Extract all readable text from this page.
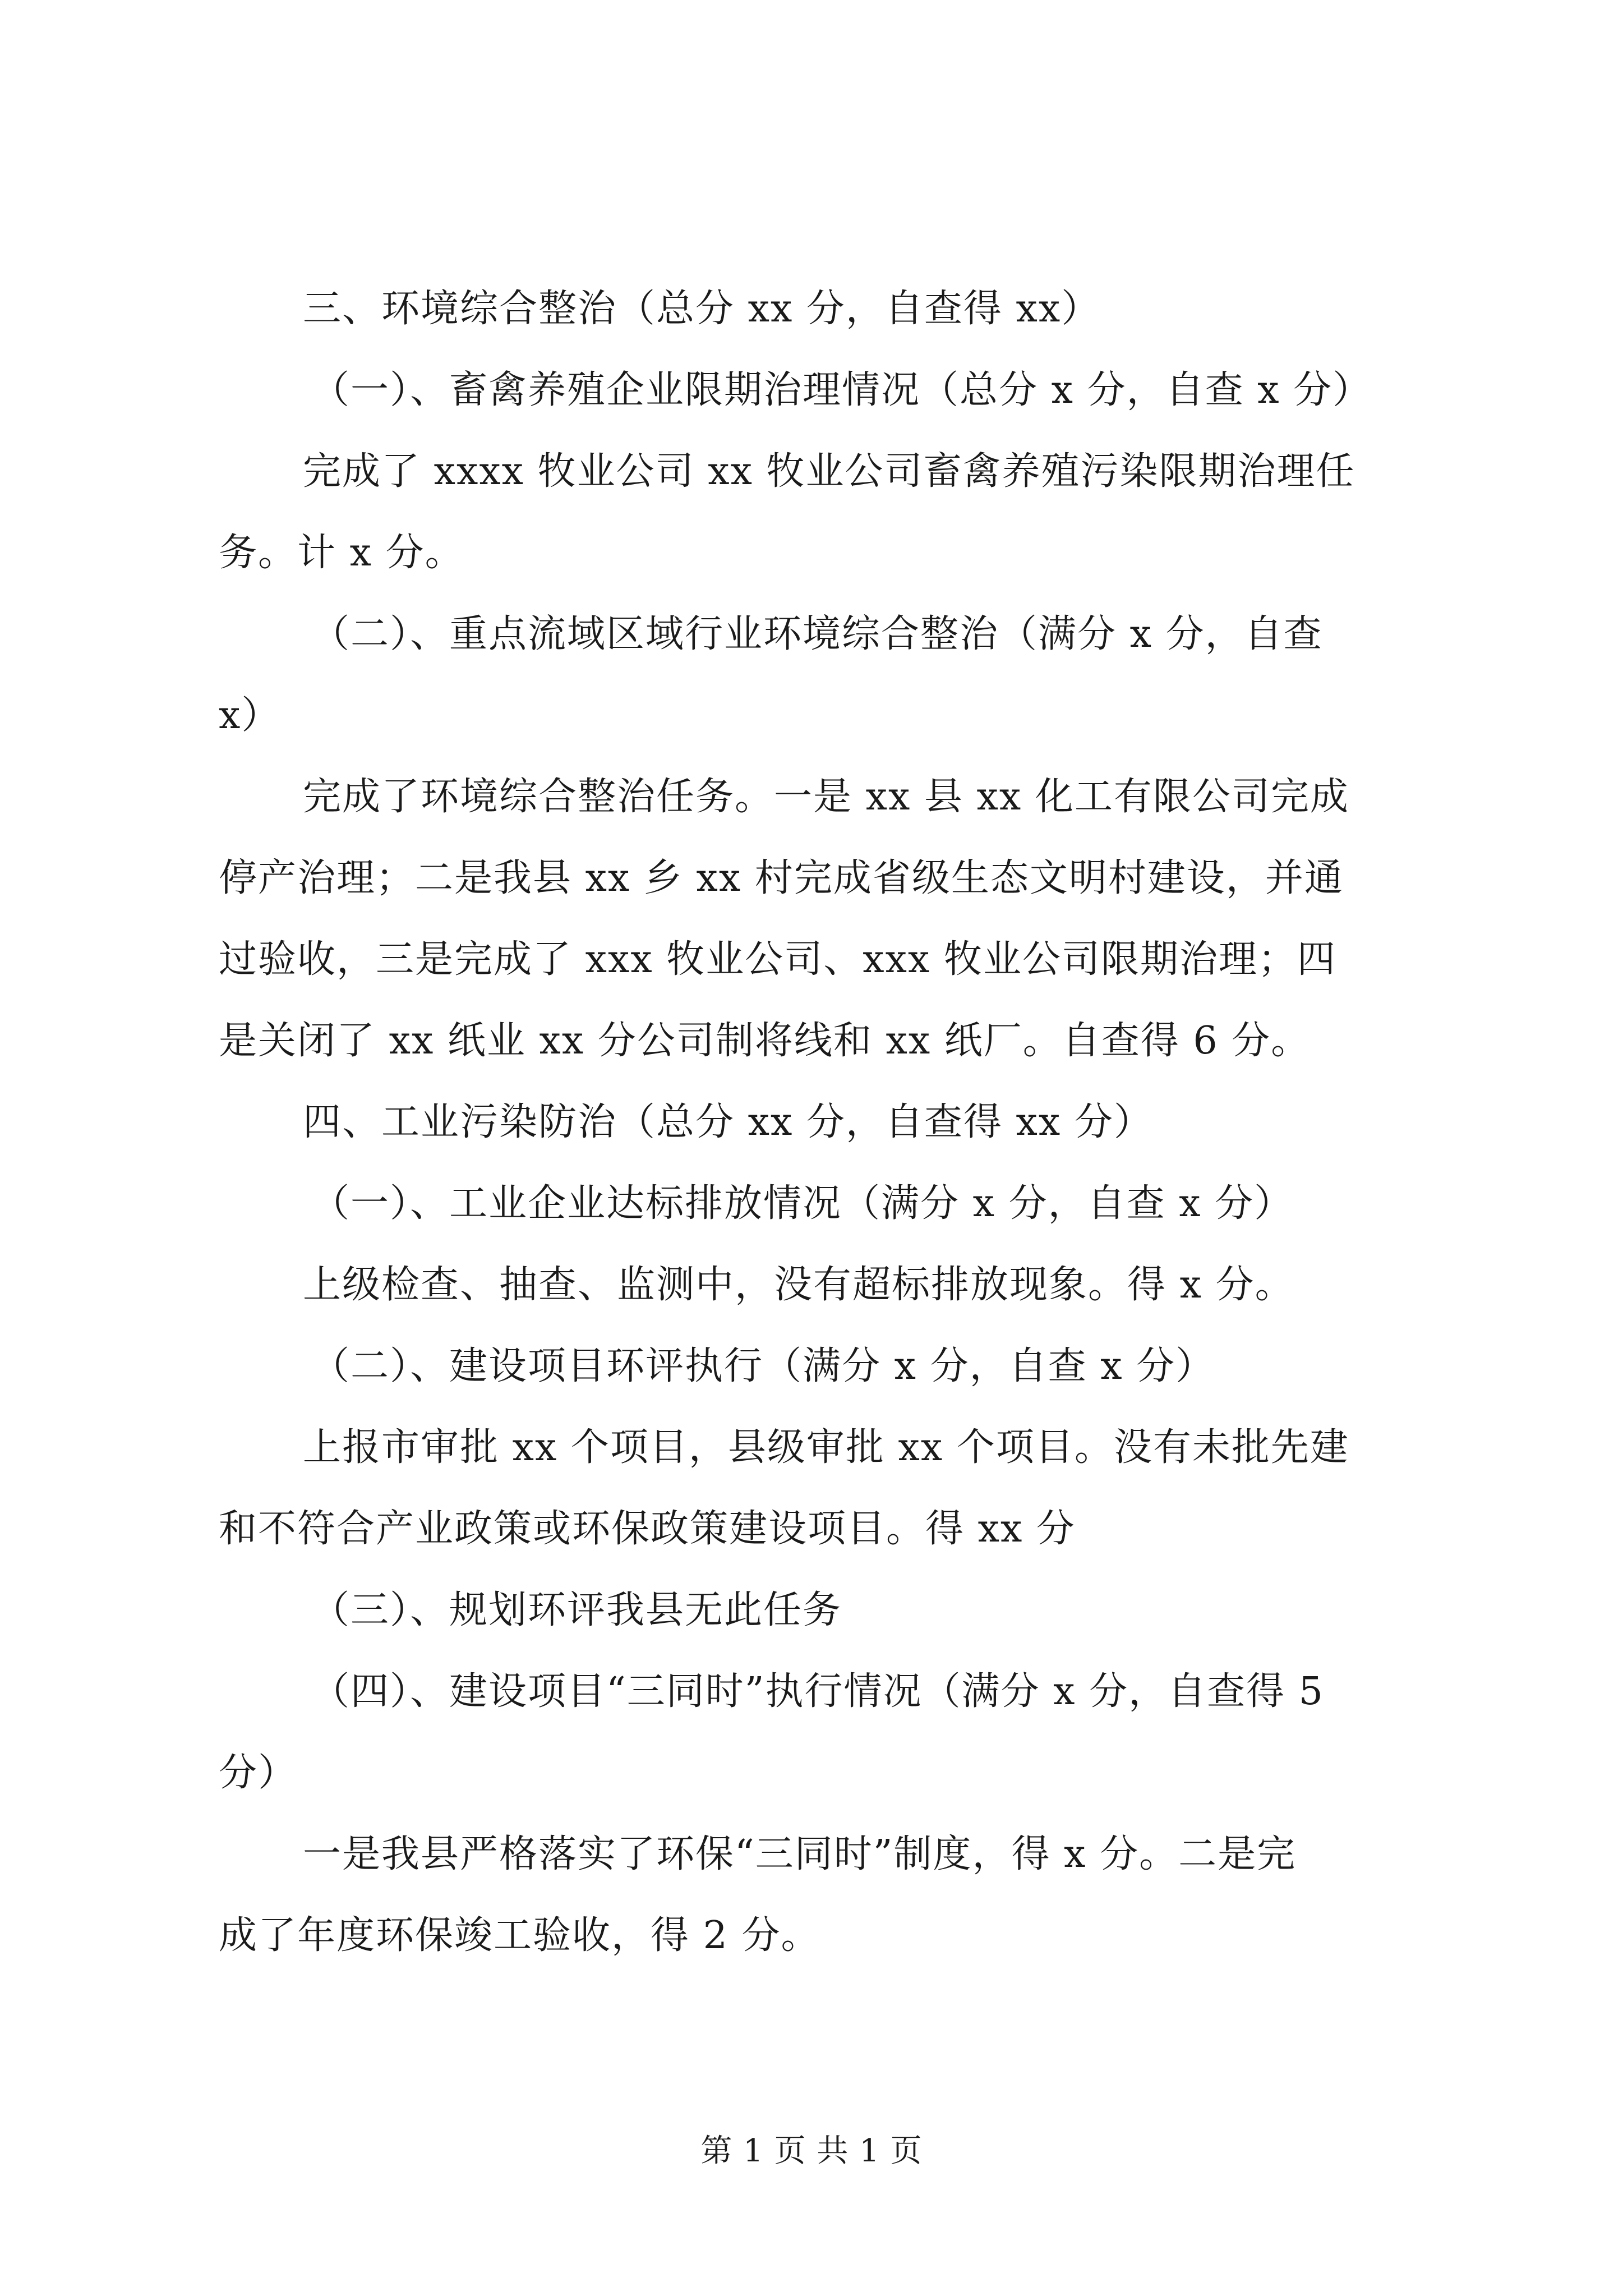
三、环境综合整治（总分 xx 分，自查得 xx）
（一）、畜禽养殖企业限期治理情况（总分 x 分，自查 x 分）
完成了 xxxx 牧业公司 xx 牧业公司畜禽养殖污染限期治理任
务。计 x 分。
（二）、重点流域区域行业环境综合整治（满分 x 分，自查
x）
完成了环境综合整治任务。一是 xx 县 xx 化工有限公司完成
停产治理；二是我县 xx 乡 xx 村完成省级生态文明村建设，并通
过验收，三是完成了 xxx 牧业公司、xxx 牧业公司限期治理；四
是关闭了 xx 纸业 xx 分公司制将线和 xx 纸厂。自查得 6 分。
四、工业污染防治（总分 xx 分，自查得 xx 分）
（一）、工业企业达标排放情况（满分 x 分，自查 x 分）
上级检查、抽查、监测中，没有超标排放现象。得 x 分。
（二）、建设项目环评执行（满分 x 分，自查 x 分）
上报市审批 xx 个项目，县级审批 xx 个项目。没有未批先建
和不符合产业政策或环保政策建设项目。得 xx 分
（三）、规划环评我县无此任务
（四）、建设项目“三同时”执行情况（满分 x 分，自查得 5
分）
一是我县严格落实了环保“三同时”制度，得 x 分。二是完
成了年度环保竣工验收，得 2 分。
第 1 页 共 1 页
